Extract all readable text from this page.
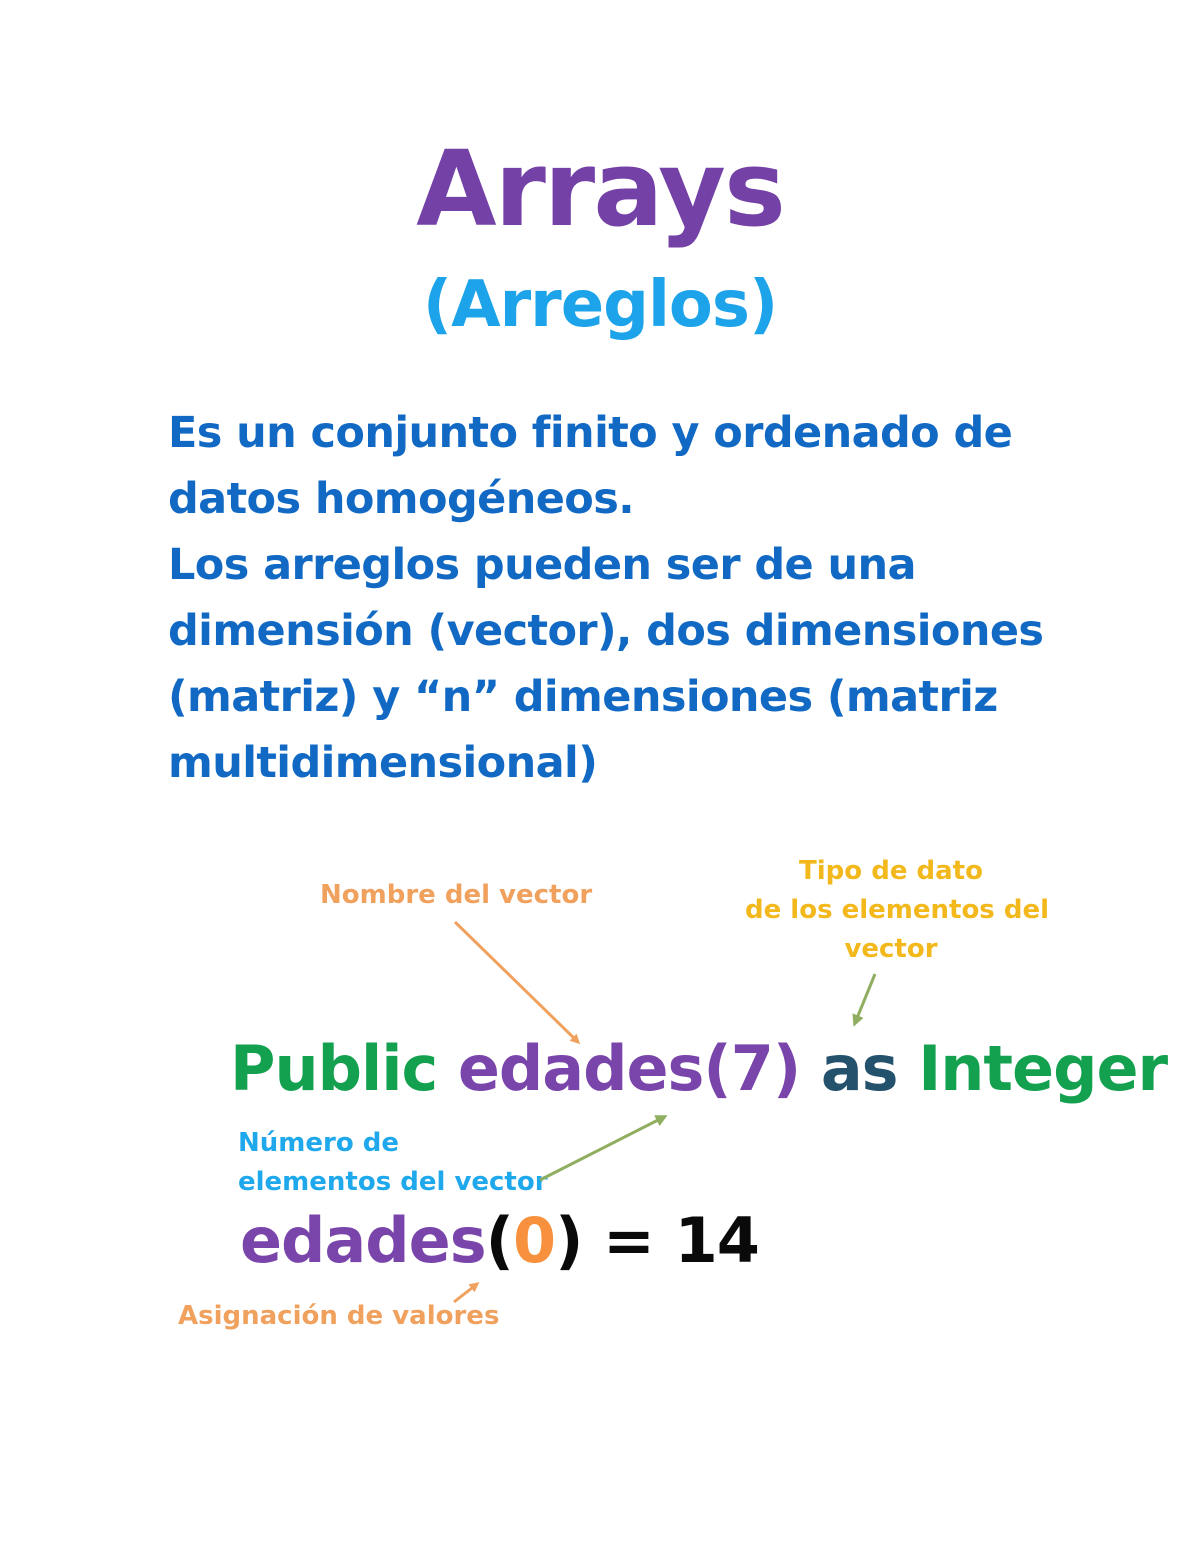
Arrays
(Arreglos)
Es un conjunto finito y ordenado de
datos homogéneos.
Los arreglos pueden ser de una
dimensión (vector), dos dimensiones
(matriz) y “n” dimensiones (matriz
multidimensional)
Nombre del vector
Tipo de dato
de los elementos del
vector
Public edades(7) as Integer
Número de
elementos del vector
edades(0) = 14
Asignación de valores
